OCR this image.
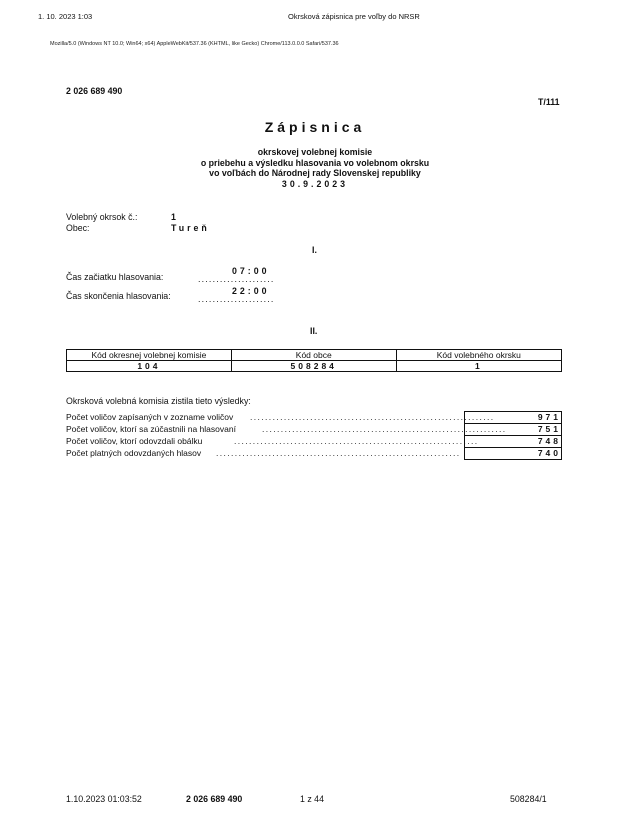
1. 10. 2023 1:03	Okrsková zápisnica pre voľby do NRSR
Mozilla/5.0 (Windows NT 10.0; Win64; x64) AppleWebKit/537.36 (KHTML, like Gecko) Chrome/113.0.0.0 Safari/537.36
2 026 689 490
T/111
Zápisnica
okrskovej volebnej komisie
o priebehu a výsledku hlasovania vo volebnom okrsku
vo voľbách do Národnej rady Slovenskej republiky
30.9.2023
Volebný okrsok č.:	1
Obec:	Tureň
I.
Čas začiatku hlasovania:
07:00
.....................
Čas skončenia hlasovania:	22:00
.....................
II.
Kód okresnej volebnej komisie	Kód obce	Kód volebného okrsku
104	508284	1
Okrsková volebná komisia zistila tieto výsledky:
Počet voličov zapísaných v zozname voličov .................................................................	971
Počet voličov, ktorí sa zúčastnili na hlasovaní	.................................................................	751
Počet voličov, ktorí odovzdali obálku	.................................................................	748
Počet platných odovzdaných hlasov .................................................................	740
1.10.2023 01:03:52	2 026 689 490	1 z 44	508284/1
